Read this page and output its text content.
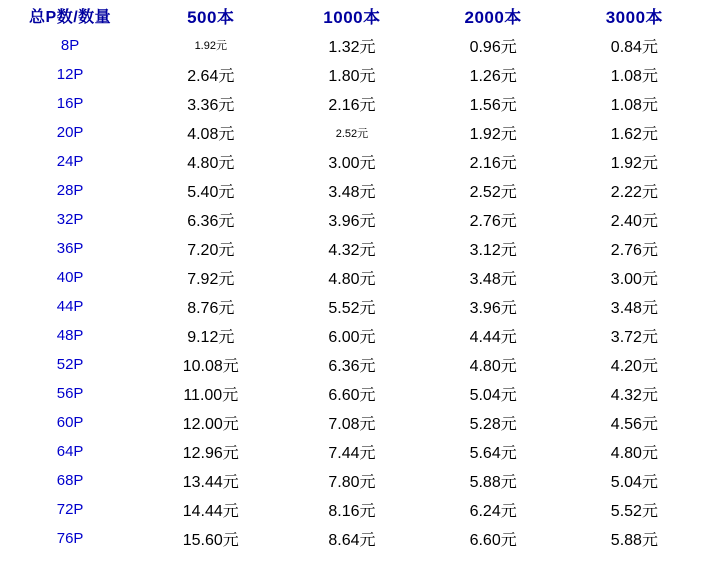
总P数/数量	500本	1000本	2000本	3000本
8P	1.92元	1.32元	0.96元	0.84元
12P	2.64元	1.80元	1.26元	1.08元
16P	3.36元	2.16元	1.56元	1.08元
20P	4.08元	2.52元	1.92元	1.62元
24P	4.80元	3.00元	2.16元	1.92元
28P	5.40元	3.48元	2.52元	2.22元
32P	6.36元	3.96元	2.76元	2.40元
36P	7.20元	4.32元	3.12元	2.76元
40P	7.92元	4.80元	3.48元	3.00元
44P	8.76元	5.52元	3.96元	3.48元
48P	9.12元	6.00元	4.44元	3.72元
52P	10.08元	6.36元	4.80元	4.20元
56P	11.00元	6.60元	5.04元	4.32元
60P	12.00元	7.08元	5.28元	4.56元
64P	12.96元	7.44元	5.64元	4.80元
68P	13.44元	7.80元	5.88元	5.04元
72P	14.44元	8.16元	6.24元	5.52元
76P	15.60元	8.64元	6.60元	5.88元
